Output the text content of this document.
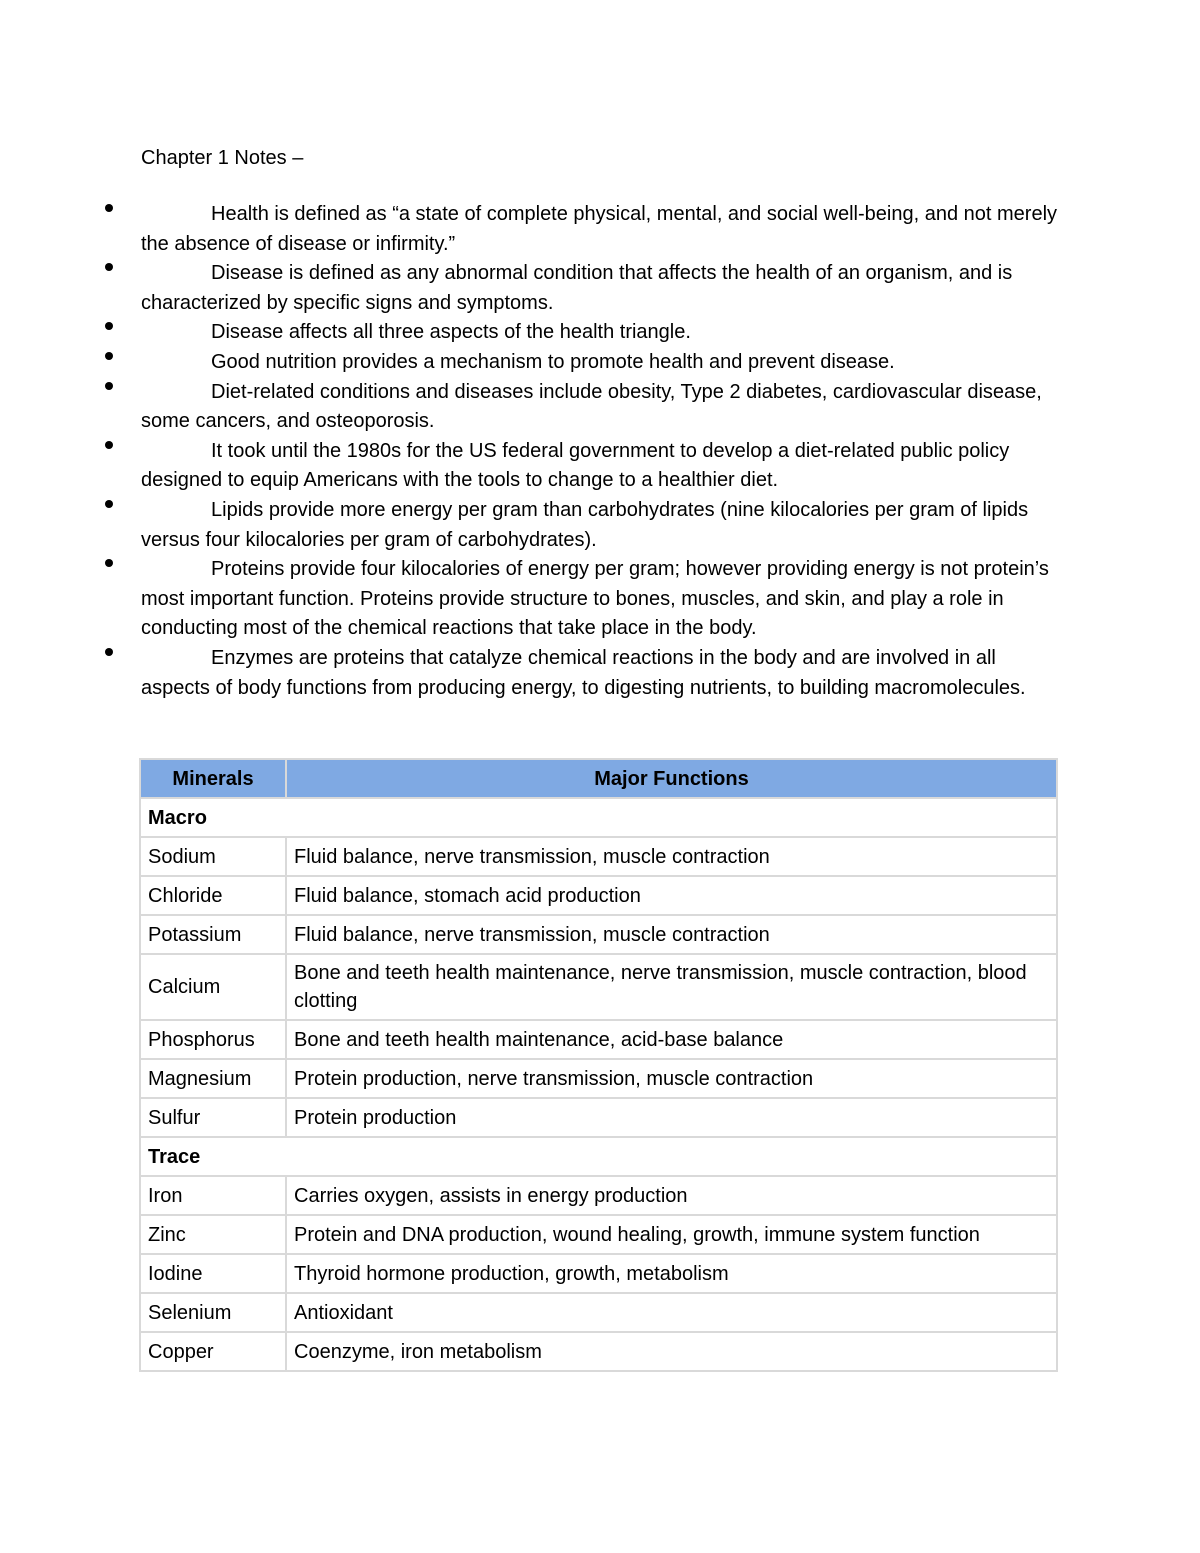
Chapter 1 Notes –
Health is defined as “a state of complete physical, mental, and social well-being, and not merely the absence of disease or infirmity.”
Disease is defined as any abnormal condition that affects the health of an organism, and is characterized by specific signs and symptoms.
Disease affects all three aspects of the health triangle.
Good nutrition provides a mechanism to promote health and prevent disease.
Diet-related conditions and diseases include obesity, Type 2 diabetes, cardiovascular disease, some cancers, and osteoporosis.
It took until the 1980s for the US federal government to develop a diet-related public policy designed to equip Americans with the tools to change to a healthier diet.
Lipids provide more energy per gram than carbohydrates (nine kilocalories per gram of lipids versus four kilocalories per gram of carbohydrates).
Proteins provide four kilocalories of energy per gram; however providing energy is not protein’s most important function. Proteins provide structure to bones, muscles, and skin, and play a role in conducting most of the chemical reactions that take place in the body.
Enzymes are proteins that catalyze chemical reactions in the body and are involved in all aspects of body functions from producing energy, to digesting nutrients, to building macromolecules.
Minerals	Major Functions
Macro	
Sodium	Fluid balance, nerve transmission, muscle contraction
Chloride	Fluid balance, stomach acid production
Potassium	Fluid balance, nerve transmission, muscle contraction
Calcium	Bone and teeth health maintenance, nerve transmission, muscle contraction, blood clotting
Phosphorus	Bone and teeth health maintenance, acid-base balance
Magnesium	Protein production, nerve transmission, muscle contraction
Sulfur	Protein production
Trace	
Iron	Carries oxygen, assists in energy production
Zinc	Protein and DNA production, wound healing, growth, immune system function
Iodine	Thyroid hormone production, growth, metabolism
Selenium	Antioxidant
Copper	Coenzyme, iron metabolism
